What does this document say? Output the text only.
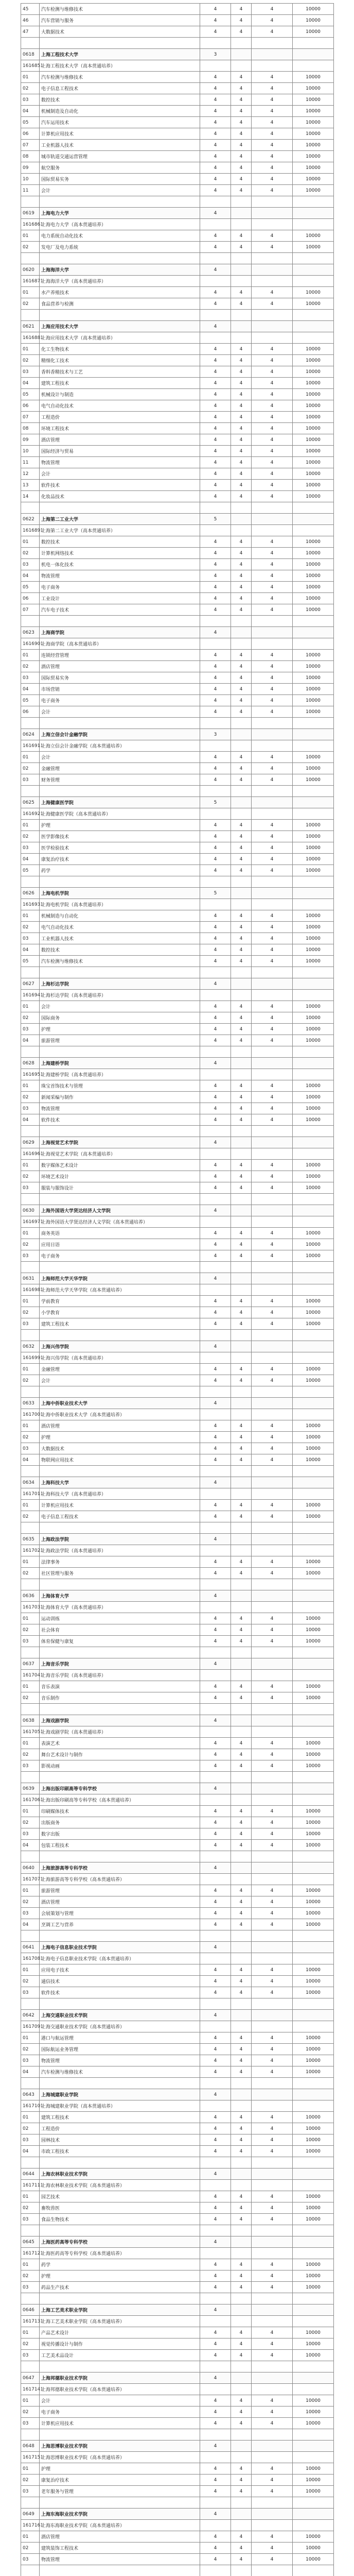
45	汽车检测与维修技术	4	4	4	10000
46	汽车营销与服务	4	4	4	10000
47	大数据技术	4	4	4	10000

0618	上海工程技术大学	3			
1616851	上海工程技术大学（高本贯通培养）				
01	汽车检测与维修技术	4	4	4	10000
02	电子信息工程技术	4	4	4	10000
03	数控技术	4	4	4	10000
04	机械制造及自动化	4	4	4	10000
05	汽车运用技术	4	4	4	10000
06	计算机应用技术	4	4	4	10000
07	工业机器人技术	4	4	4	10000
08	城市轨道交通运营管理	4	4	4	10000
09	航空服务	4	4	4	10000
10	国际贸易实务	4	4	4	10000
11	会计	4	4	4	10000

0619	上海电力大学	4			
1616861	上海电力大学（高本贯通培养）				
01	电力系统自动化技术	4	4	4	10000
02	发电厂及电力系统	4	4	4	10000

0620	上海海洋大学	4			
1616871	上海海洋大学（高本贯通培养）				
01	水产养殖技术	4	4	4	10000
02	食品营养与检测	4	4	4	10000

0621	上海应用技术大学	4			
1616881	上海应用技术大学（高本贯通培养）				
01	化工生物技术	4	4	4	10000
02	精细化工技术	4	4	4	10000
03	香料香精技术与工艺	4	4	4	10000
04	建筑工程技术	4	4	4	10000
05	机械设计与制造	4	4	4	10000
06	电气自动化技术	4	4	4	10000
07	工程造价	4	4	4	10000
08	环境工程技术	4	4	4	10000
09	酒店管理	4	4	4	10000
10	国际经济与贸易	4	4	4	10000
11	物流管理	4	4	4	10000
12	会计	4	4	4	10000
13	软件技术	4	4	4	10000
14	化妆品技术	4	4	4	10000

0622	上海第二工业大学	5			
1616891	上海第二工业大学（高本贯通培养）				
01	数控技术	4	4	4	10000
02	计算机网络技术	4	4	4	10000
03	机电一体化技术	4	4	4	10000
04	物流管理	4	4	4	10000
05	电子商务	4	4	4	10000
06	工业设计	4	4	4	10000
07	汽车电子技术	4	4	4	10000

0623	上海商学院	4			
1616901	上海商学院（高本贯通培养）				
01	连锁经营管理	4	4	4	10000
02	酒店管理	4	4	4	10000
03	国际贸易实务	4	4	4	10000
04	市场营销	4	4	4	10000
05	电子商务	4	4	4	10000
06	会计	4	4	4	10000

0624	上海立信会计金融学院	3			
1616911	上海立信会计金融学院（高本贯通培养）				
01	会计	4	4	4	10000
02	金融管理	4	4	4	10000
03	财务管理	4	4	4	10000

0625	上海健康医学院	5			
1616921	上海健康医学院（高本贯通培养）				
01	护理	4	4	4	10000
02	医学影像技术	4	4	4	10000
03	医学检验技术	4	4	4	10000
04	康复治疗技术	4	4	4	10000
05	药学	4	4	4	10000

0626	上海电机学院	5			
1616931	上海电机学院（高本贯通培养）				
01	机械制造与自动化	4	4	4	10000
02	电气自动化技术	4	4	4	10000
03	工业机器人技术	4	4	4	10000
04	数控技术	4	4	4	10000
05	汽车检测与维修技术	4	4	4	10000

0627	上海杉达学院	4			
1616941	上海杉达学院（高本贯通培养）				
01	会计	4	4	4	10000
02	国际商务	4	4	4	10000
03	护理	4	4	4	10000
04	旅游管理	4	4	4	10000

0628	上海建桥学院	4			
1616951	上海建桥学院（高本贯通培养）				
01	珠宝首饰技术与管理	4	4	4	10000
02	新闻采编与制作	4	4	4	10000
03	物流管理	4	4	4	10000
04	软件技术	4	4	4	10000

0629	上海视觉艺术学院	4			
1616961	上海视觉艺术学院（高本贯通培养）				
01	数字媒体艺术设计	4	4	4	10000
02	环境艺术设计	4	4	4	10000
03	服装与服饰设计	4	4	4	10000

0630	上海外国语大学贤达经济人文学院	4			
1616971	上海外国语大学贤达经济人文学院（高本贯通培养）				
01	商务英语	4	4	4	10000
02	应用日语	4	4	4	10000
03	电子商务	4	4	4	10000

0631	上海师范大学天华学院	4			
1616981	上海师范大学天华学院（高本贯通培养）				
01	学前教育	4	4	4	10000
02	小学教育	4	4	4	10000
03	建筑工程技术	4	4	4	10000

0632	上海兴伟学院	4			
1616991	上海兴伟学院（高本贯通培养）				
01	金融管理	4	4	4	10000
02	会计	4	4	4	10000

0633	上海中侨职业技术大学	4			
1617001	上海中侨职业技术大学（高本贯通培养）				
01	酒店管理	4	4	4	10000
02	护理	4	4	4	10000
03	大数据技术	4	4	4	10000
04	物联网应用技术	4	4	4	10000

0634	上海科技大学	4			
1617011	上海科技大学（高本贯通培养）				
01	计算机应用技术	4	4	4	10000
02	电子信息工程技术	4	4	4	10000

0635	上海政法学院	4			
1617021	上海政法学院（高本贯通培养）				
01	法律事务	4	4	4	10000
02	社区管理与服务	4	4	4	10000

0636	上海体育大学	4			
1617031	上海体育大学（高本贯通培养）				
01	运动训练	4	4	4	10000
02	社会体育	4	4	4	10000
03	体育保健与康复	4	4	4	10000

0637	上海音乐学院	4			
1617041	上海音乐学院（高本贯通培养）				
01	音乐表演	4	4	4	10000
02	音乐制作	4	4	4	10000

0638	上海戏剧学院	4			
1617051	上海戏剧学院（高本贯通培养）				
01	表演艺术	4	4	4	10000
02	舞台艺术设计与制作	4	4	4	10000
03	影视动画	4	4	4	10000

0639	上海出版印刷高等专科学校	4			
1617061	上海出版印刷高等专科学校（高本贯通培养）				
01	印刷媒体技术	4	4	4	10000
02	出版商务	4	4	4	10000
03	数字出版	4	4	4	10000
04	包装工程技术	4	4	4	10000

0640	上海旅游高等专科学校	4			
1617071	上海旅游高等专科学校（高本贯通培养）				
01	旅游管理	4	4	4	10000
02	酒店管理	4	4	4	10000
03	会展策划与管理	4	4	4	10000
04	烹调工艺与营养	4	4	4	10000

0641	上海电子信息职业技术学院	4			
1617081	上海电子信息职业技术学院（高本贯通培养）				
01	应用电子技术	4	4	4	10000
02	通信技术	4	4	4	10000
03	软件技术	4	4	4	10000

0642	上海交通职业技术学院	4			
1617091	上海交通职业技术学院（高本贯通培养）				
01	港口与航运管理	4	4	4	10000
02	国际航运业务管理	4	4	4	10000
03	物流管理	4	4	4	10000
04	汽车检测与维修技术	4	4	4	10000

0643	上海城建职业学院	4			
1617101	上海城建职业学院（高本贯通培养）				
01	建筑工程技术	4	4	4	10000
02	工程造价	4	4	4	10000
03	园林技术	4	4	4	10000
04	市政工程技术	4	4	4	10000

0644	上海农林职业技术学院	4			
1617111	上海农林职业技术学院（高本贯通培养）				
01	园艺技术	4	4	4	10000
02	畜牧兽医	4	4	4	10000
03	食品生物技术	4	4	4	10000

0645	上海医药高等专科学校	4			
1617121	上海医药高等专科学校（高本贯通培养）				
01	药学	4	4	4	10000
02	护理	4	4	4	10000
03	药品生产技术	4	4	4	10000

0646	上海工艺美术职业学院	4			
1617131	上海工艺美术职业学院（高本贯通培养）				
01	产品艺术设计	4	4	4	10000
02	视觉传播设计与制作	4	4	4	10000
03	工艺美术品设计	4	4	4	10000

0647	上海邦德职业技术学院	4			
1617141	上海邦德职业技术学院（高本贯通培养）				
01	会计	4	4	4	10000
02	电子商务	4	4	4	10000
03	计算机应用技术	4	4	4	10000

0648	上海思博职业技术学院	4			
1617151	上海思博职业技术学院（高本贯通培养）				
01	护理	4	4	4	10000
02	康复治疗技术	4	4	4	10000
03	老年服务与管理	4	4	4	10000

0649	上海东海职业技术学院	4			
1617161	上海东海职业技术学院（高本贯通培养）				
01	酒店管理	4	4	4	10000
02	建筑装饰工程技术	4	4	4	10000
03	物流管理	4	4	4	10000
